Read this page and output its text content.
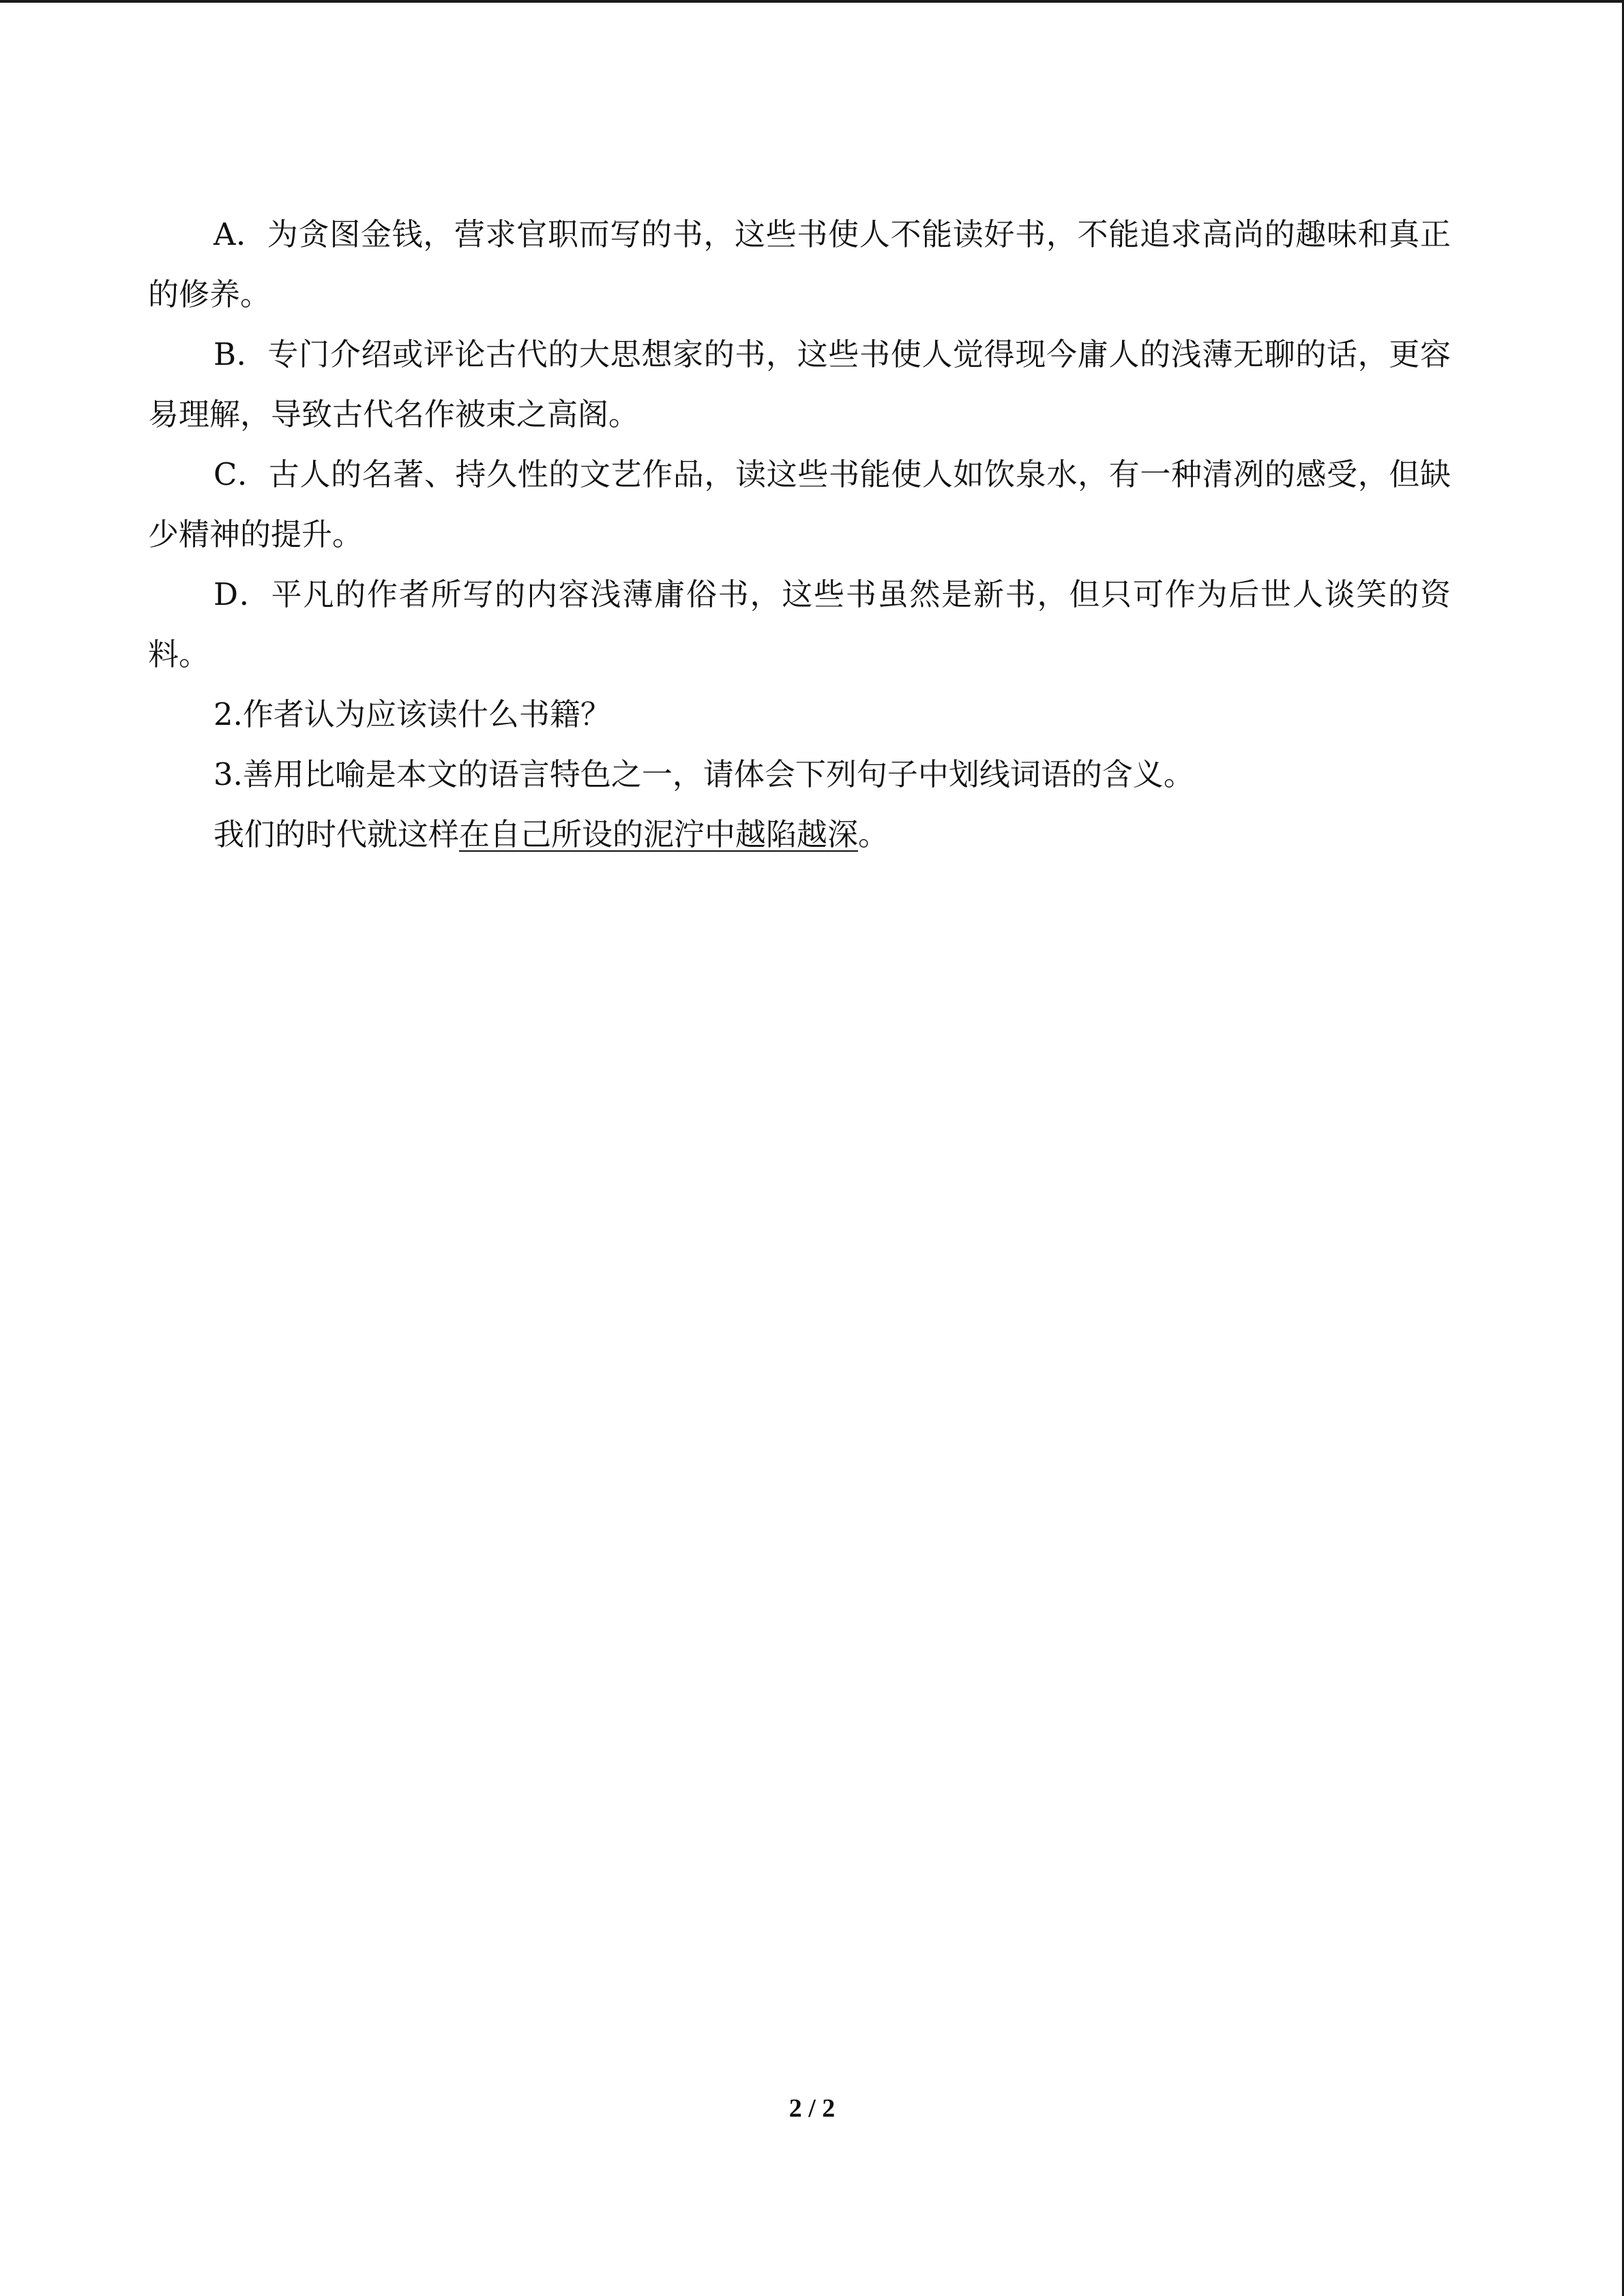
A．为贪图金钱，营求官职而写的书，这些书使人不能读好书，不能追求高尚的趣味和真正的修养。

B．专门介绍或评论古代的大思想家的书，这些书使人觉得现今庸人的浅薄无聊的话，更容易理解，导致古代名作被束之高阁。

C．古人的名著、持久性的文艺作品，读这些书能使人如饮泉水，有一种清冽的感受，但缺少精神的提升。

D．平凡的作者所写的内容浅薄庸俗书，这些书虽然是新书，但只可作为后世人谈笑的资料。

2.作者认为应该读什么书籍？

3.善用比喻是本文的语言特色之一，请体会下列句子中划线词语的含义。

我们的时代就这样在自己所设的泥泞中越陷越深。

2 / 2
